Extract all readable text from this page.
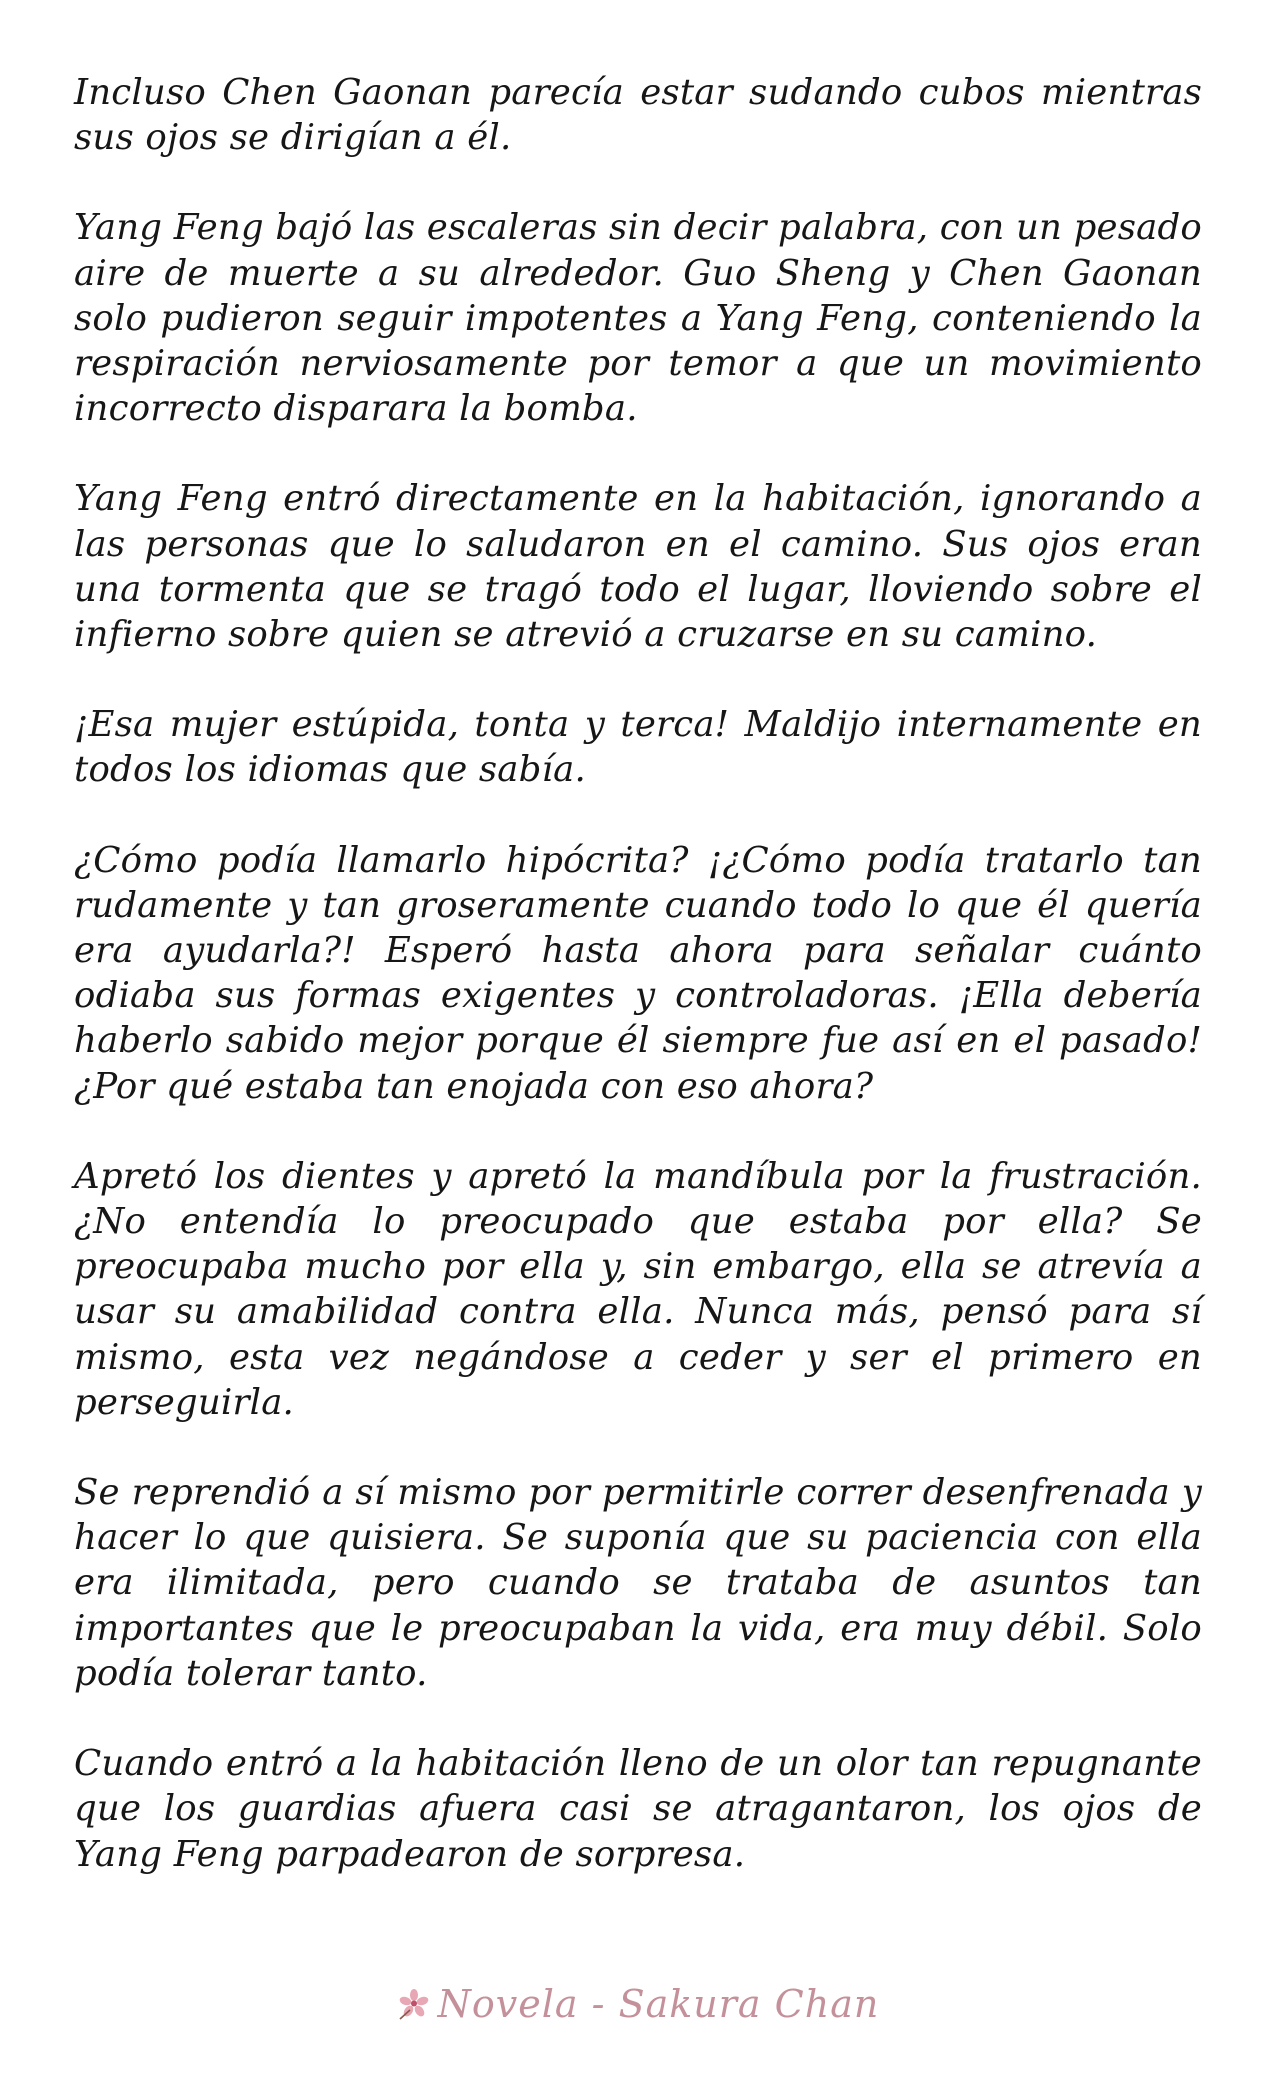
Incluso Chen Gaonan parecía estar sudando cubos mientras sus ojos se dirigían a él.

Yang Feng bajó las escaleras sin decir palabra, con un pesado aire de muerte a su alrededor. Guo Sheng y Chen Gaonan solo pudieron seguir impotentes a Yang Feng, conteniendo la respiración nerviosamente por temor a que un movimiento incorrecto disparara la bomba.

Yang Feng entró directamente en la habitación, ignorando a las personas que lo saludaron en el camino. Sus ojos eran una tormenta que se tragó todo el lugar, lloviendo sobre el infierno sobre quien se atrevió a cruzarse en su camino.

¡Esa mujer estúpida, tonta y terca! Maldijo internamente en todos los idiomas que sabía.

¿Cómo podía llamarlo hipócrita? ¡¿Cómo podía tratarlo tan rudamente y tan groseramente cuando todo lo que él quería era ayudarla?! Esperó hasta ahora para señalar cuánto odiaba sus formas exigentes y controladoras. ¡Ella debería haberlo sabido mejor porque él siempre fue así en el pasado! ¿Por qué estaba tan enojada con eso ahora?

Apretó los dientes y apretó la mandíbula por la frustración. ¿No entendía lo preocupado que estaba por ella? Se preocupaba mucho por ella y, sin embargo, ella se atrevía a usar su amabilidad contra ella. Nunca más, pensó para sí mismo, esta vez negándose a ceder y ser el primero en perseguirla.

Se reprendió a sí mismo por permitirle correr desenfrenada y hacer lo que quisiera. Se suponía que su paciencia con ella era ilimitada, pero cuando se trataba de asuntos tan importantes que le preocupaban la vida, era muy débil. Solo podía tolerar tanto.

Cuando entró a la habitación lleno de un olor tan repugnante que los guardias afuera casi se atragantaron, los ojos de Yang Feng parpadearon de sorpresa.

Novela - Sakura Chan
